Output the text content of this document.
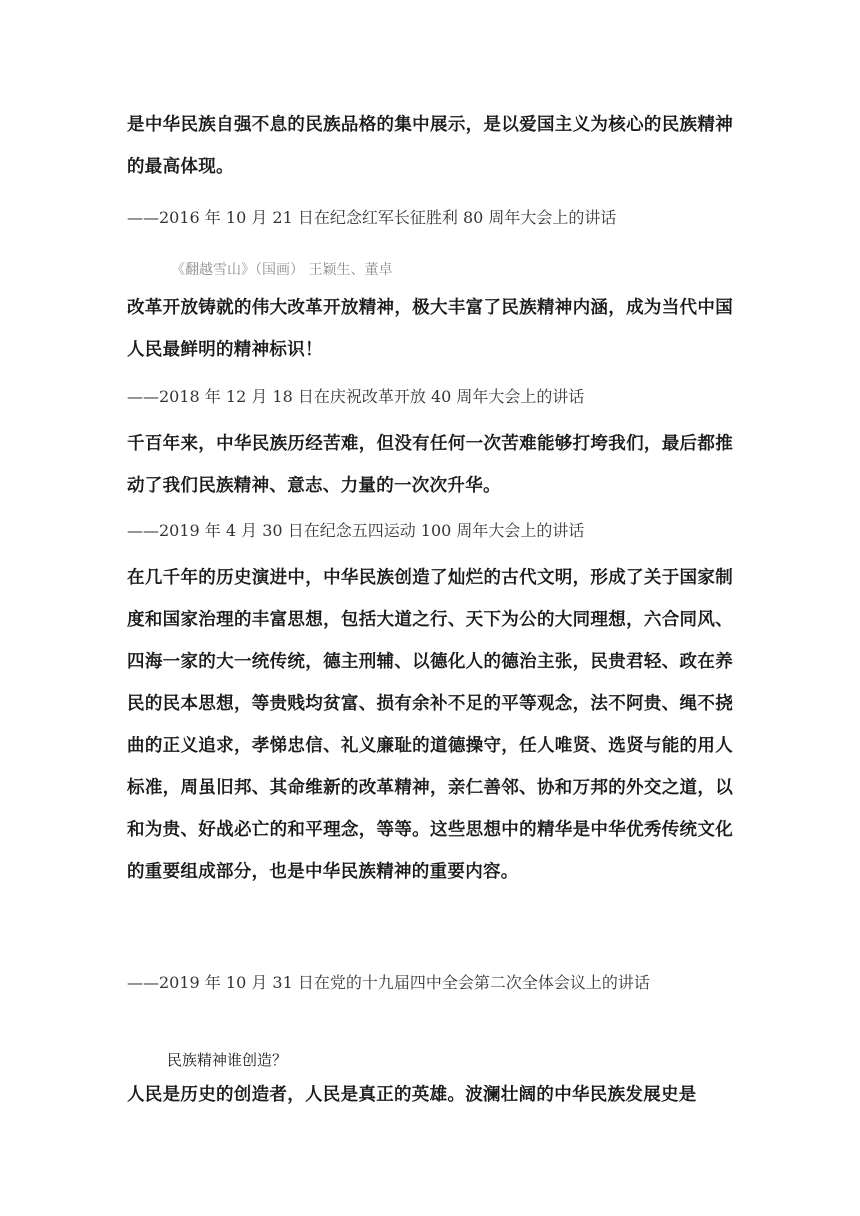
是中华民族自强不息的民族品格的集中展示，是以爱国主义为核心的民族精神的最高体现。

——2016 年 10 月 21 日在纪念红军长征胜利 80 周年大会上的讲话

《翻越雪山》（国画） 王颖生、董卓

改革开放铸就的伟大改革开放精神，极大丰富了民族精神内涵，成为当代中国人民最鲜明的精神标识！

——2018 年 12 月 18 日在庆祝改革开放 40 周年大会上的讲话

千百年来，中华民族历经苦难，但没有任何一次苦难能够打垮我们，最后都推动了我们民族精神、意志、力量的一次次升华。

——2019 年 4 月 30 日在纪念五四运动 100 周年大会上的讲话

在几千年的历史演进中，中华民族创造了灿烂的古代文明，形成了关于国家制度和国家治理的丰富思想，包括大道之行、天下为公的大同理想，六合同风、四海一家的大一统传统，德主刑辅、以德化人的德治主张，民贵君轻、政在养民的民本思想，等贵贱均贫富、损有余补不足的平等观念，法不阿贵、绳不挠曲的正义追求，孝悌忠信、礼义廉耻的道德操守，任人唯贤、选贤与能的用人标准，周虽旧邦、其命维新的改革精神，亲仁善邻、协和万邦的外交之道，以和为贵、好战必亡的和平理念，等等。这些思想中的精华是中华优秀传统文化的重要组成部分，也是中华民族精神的重要内容。

——2019 年 10 月 31 日在党的十九届四中全会第二次全体会议上的讲话

民族精神谁创造？

人民是历史的创造者，人民是真正的英雄。波澜壮阔的中华民族发展史是
